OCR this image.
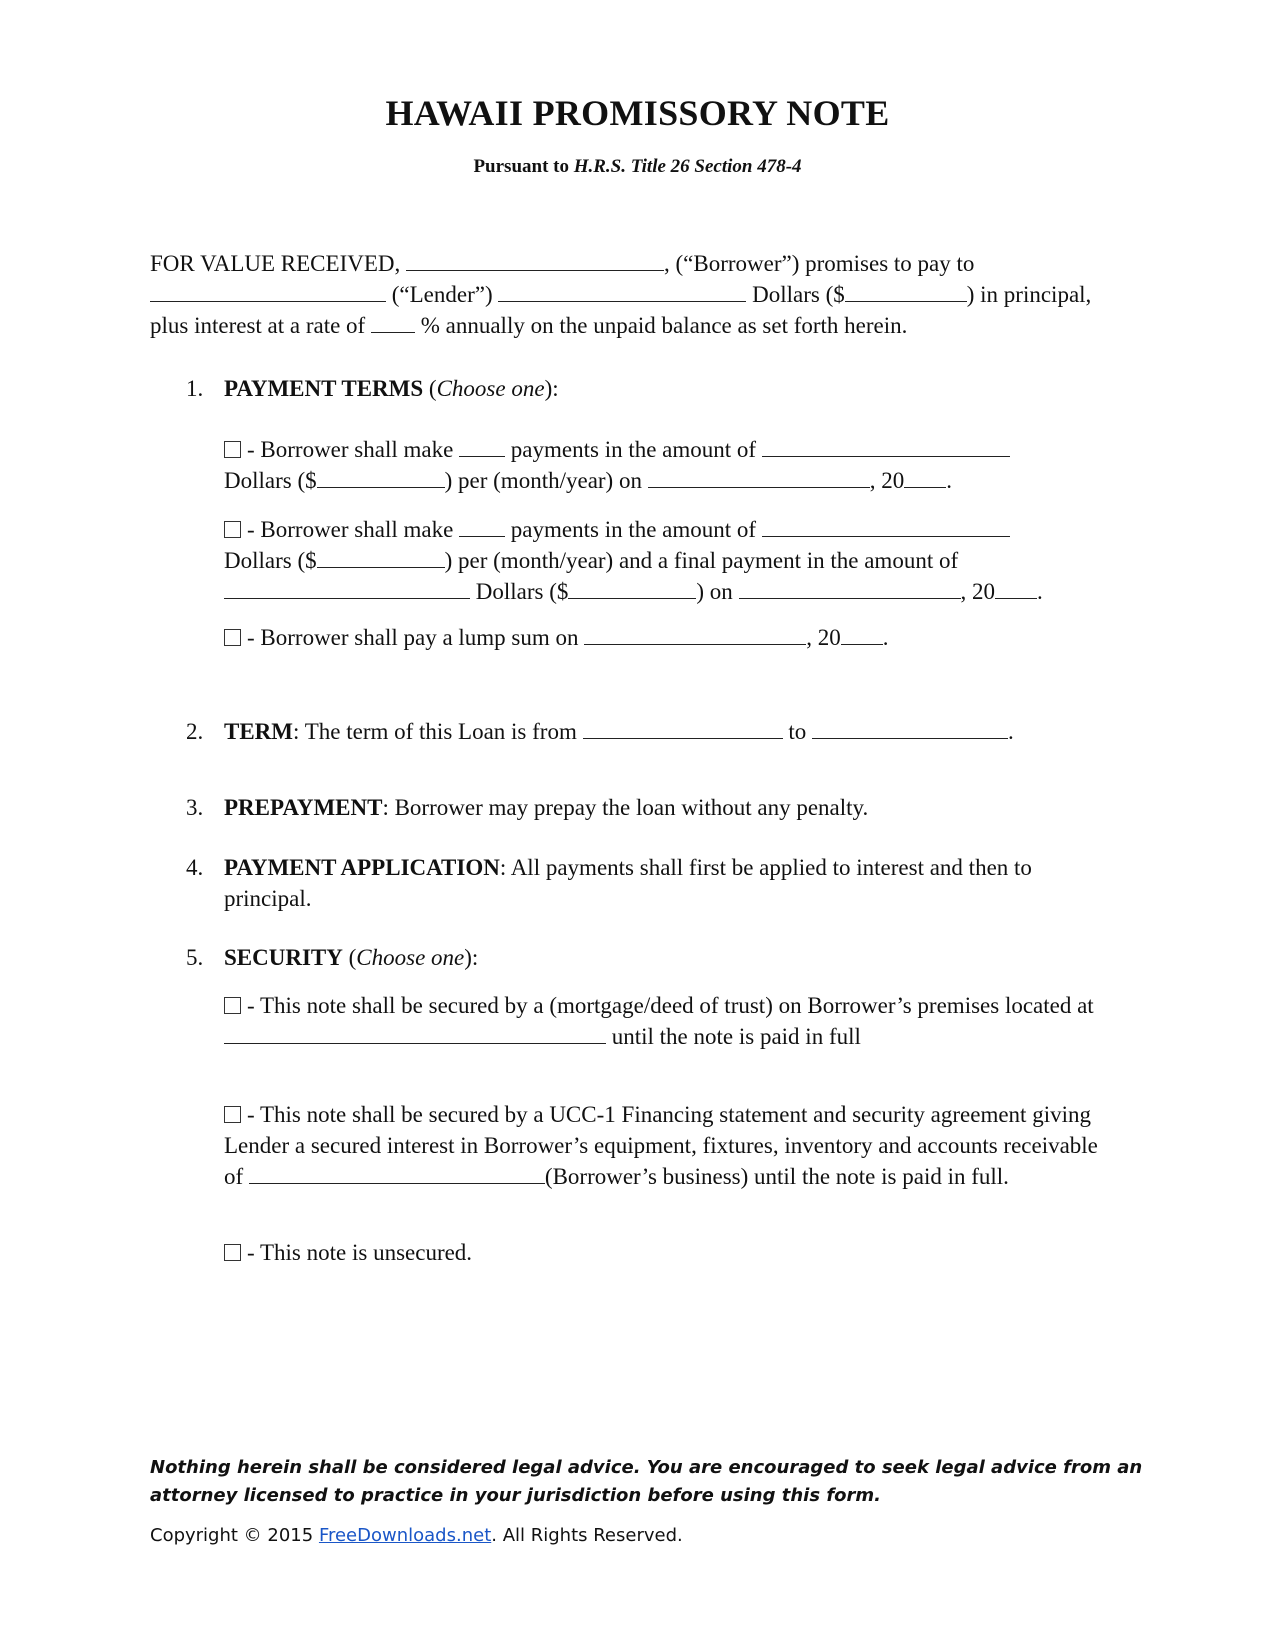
HAWAII PROMISSORY NOTE
Pursuant to H.R.S. Title 26 Section 478-4
FOR VALUE RECEIVED,	, (“Borrower”) promises to pay to
(“Lender”)	Dollars ($	) in principal, plus interest at a rate of  % annually on the unpaid balance as set forth herein.
1. PAYMENT TERMS (Choose one):
- Borrower shall make  payments in the amount of
Dollars ($	) per (month/year) on	, 20 .
- Borrower shall make  payments in the amount of
Dollars ($	) per (month/year) and a final payment in the amount of
Dollars ($	) on	, 20 .
- Borrower shall pay a lump sum on	, 20 .
2. TERM: The term of this Loan is from	to	.
3. PREPAYMENT: Borrower may prepay the loan without any penalty.
4. PAYMENT APPLICATION: All payments shall first be applied to interest and then to principal.
5. SECURITY (Choose one):
- This note shall be secured by a (mortgage/deed of trust) on Borrower’s premises located at  until the note is paid in full
- This note shall be secured by a UCC-1 Financing statement and security agreement giving Lender a secured interest in Borrower’s equipment, fixtures, inventory and accounts receivable of	(Borrower’s business) until the note is paid in full.
- This note is unsecured.
Nothing herein shall be considered legal advice. You are encouraged to seek legal advice from an attorney licensed to practice in your jurisdiction before using this form.
Copyright © 2015 FreeDownloads.net. All Rights Reserved.
